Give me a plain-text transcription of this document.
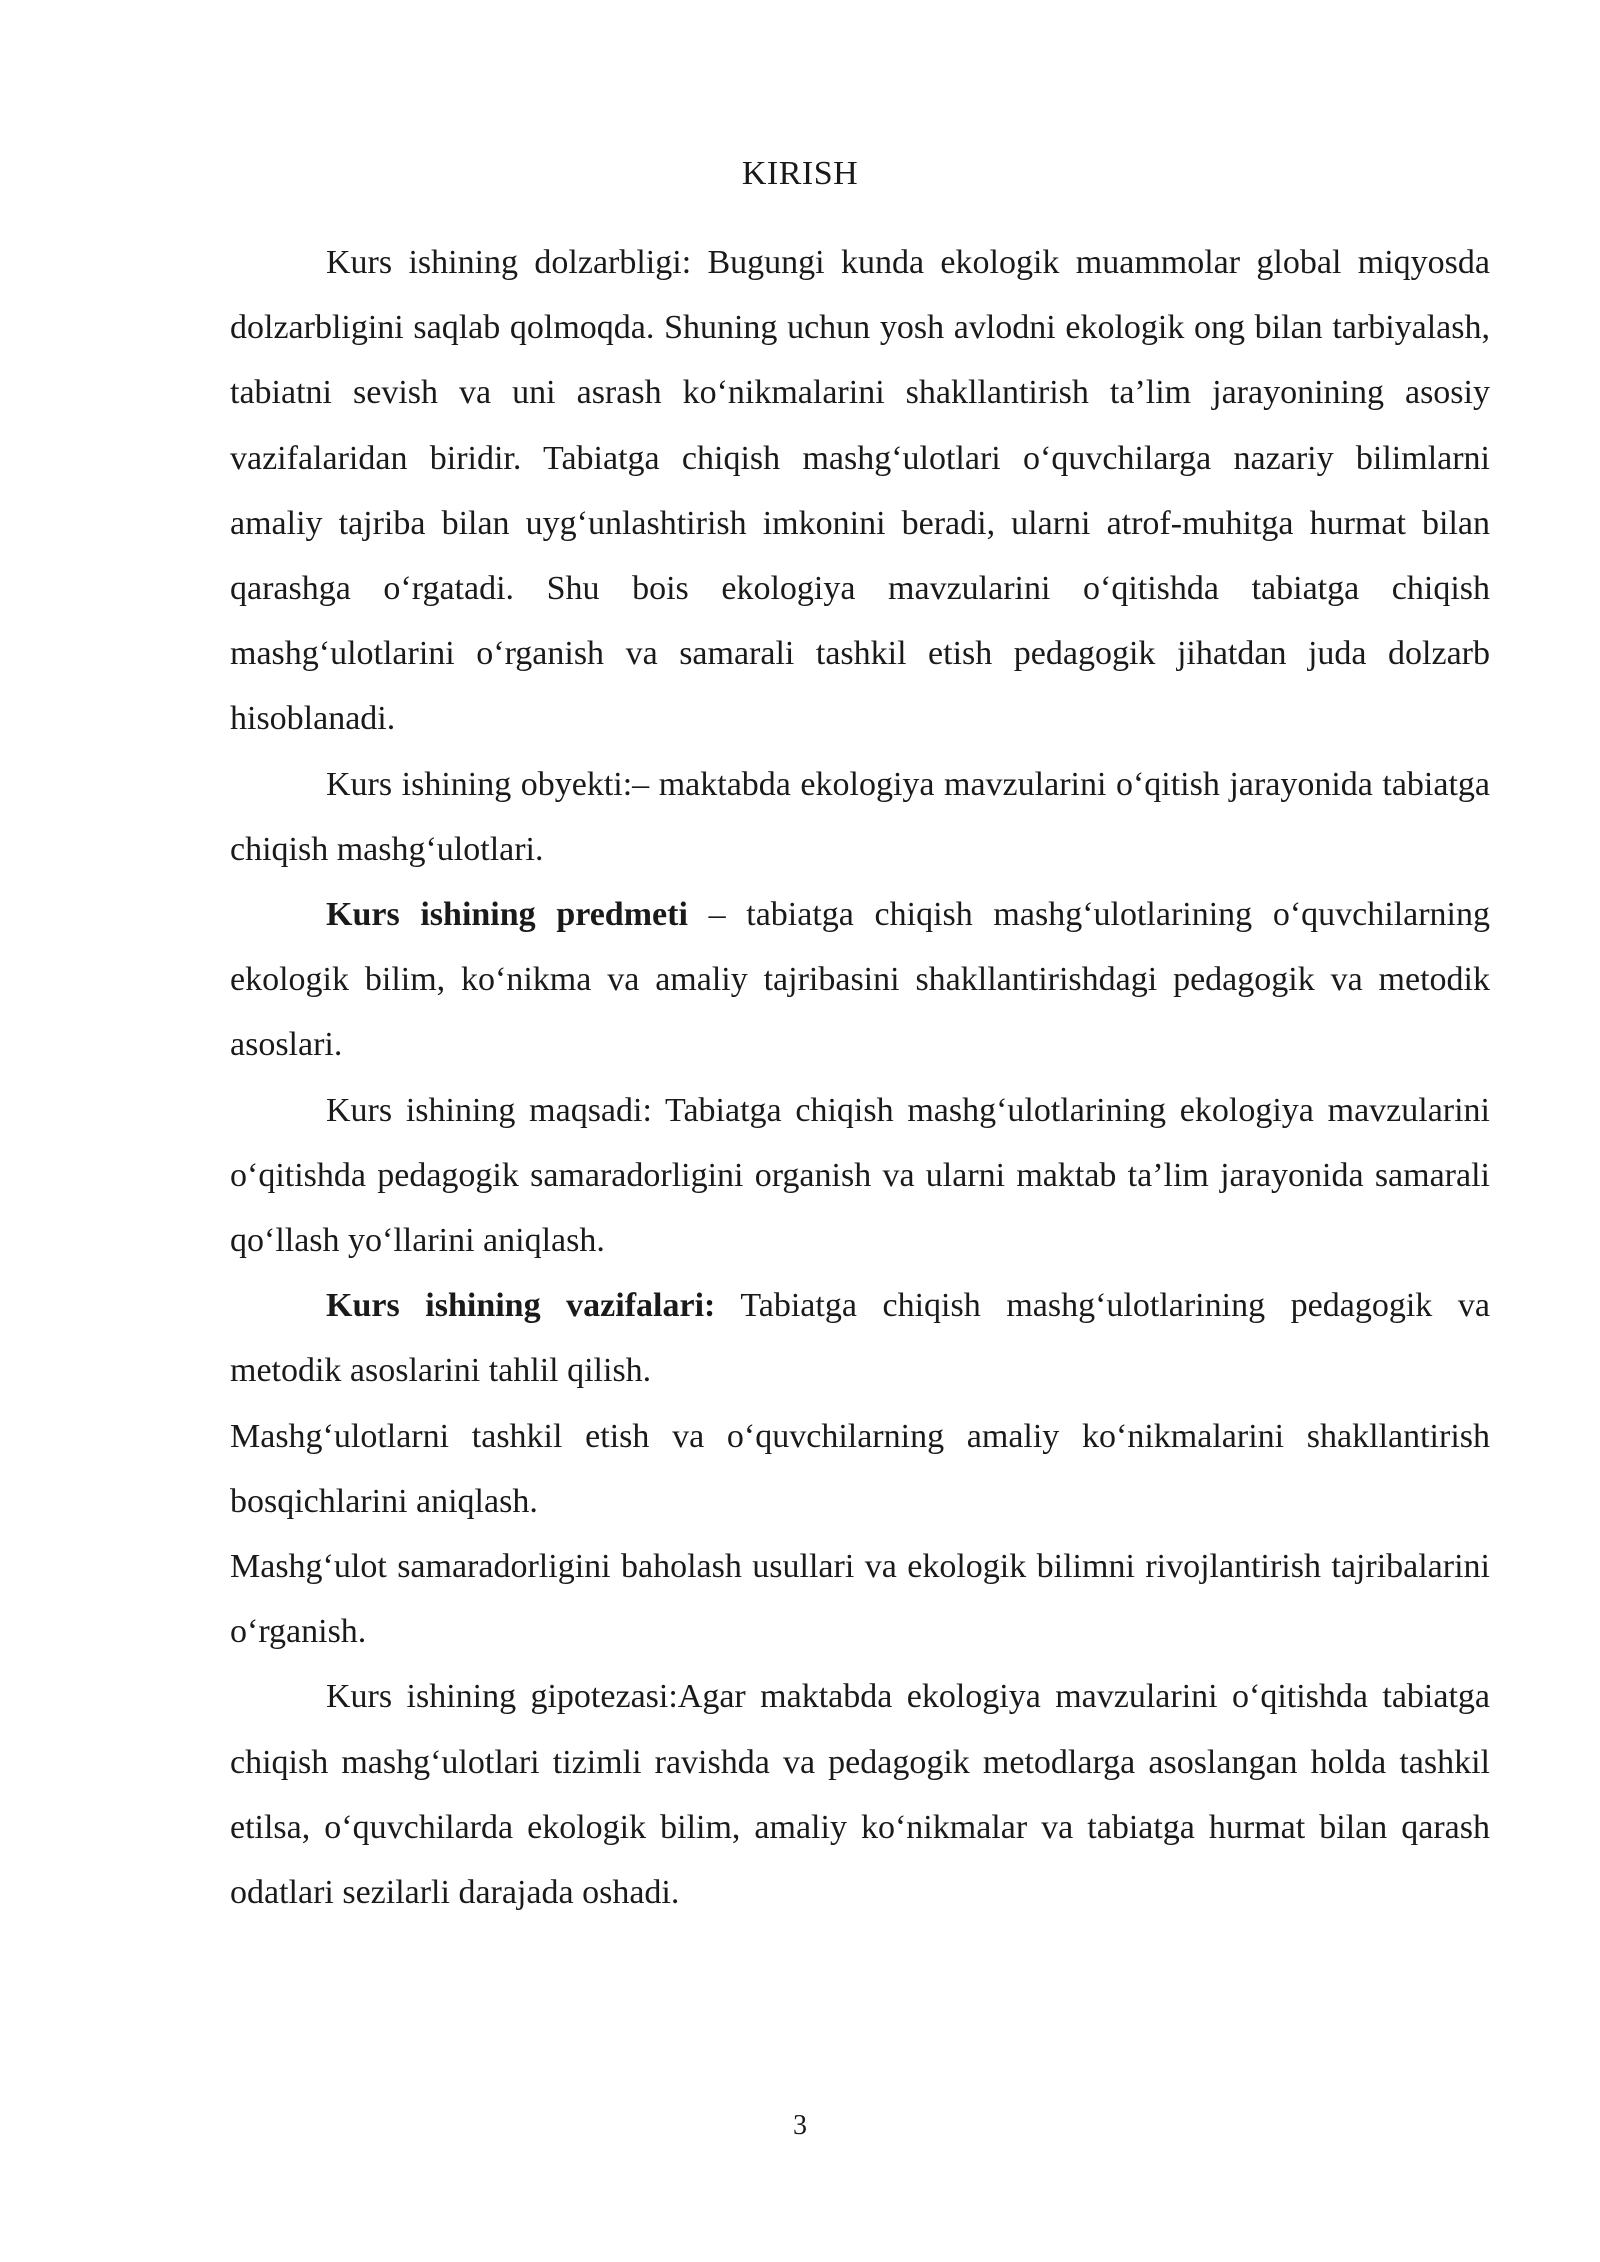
KIRISH

Kurs ishining dolzarbligi: Bugungi kunda ekologik muammolar global miqyosda dolzarbligini saqlab qolmoqda. Shuning uchun yosh avlodni ekologik ong bilan tarbiyalash, tabiatni sevish va uni asrash ko‘nikmalarini shakllantirish ta’lim jarayonining asosiy vazifalaridan biridir. Tabiatga chiqish mashg‘ulotlari o‘quvchilarga nazariy bilimlarni amaliy tajriba bilan uyg‘unlashtirish imkonini beradi, ularni atrof-muhitga hurmat bilan qarashga o‘rgatadi. Shu bois ekologiya mavzularini o‘qitishda tabiatga chiqish mashg‘ulotlarini o‘rganish va samarali tashkil etish pedagogik jihatdan juda dolzarb hisoblanadi.

Kurs ishining obyekti:– maktabda ekologiya mavzularini o‘qitish jarayonida tabiatga chiqish mashg‘ulotlari.

Kurs ishining predmeti – tabiatga chiqish mashg‘ulotlarining o‘quvchilarning ekologik bilim, ko‘nikma va amaliy tajribasini shakllantirishdagi pedagogik va metodik asoslari.

Kurs ishining maqsadi: Tabiatga chiqish mashg‘ulotlarining ekologiya mavzularini o‘qitishda pedagogik samaradorligini organish va ularni maktab ta’lim jarayonida samarali qo‘llash yo‘llarini aniqlash.

Kurs ishining vazifalari: Tabiatga chiqish mashg‘ulotlarining pedagogik va metodik asoslarini tahlil qilish.

Mashg‘ulotlarni tashkil etish va o‘quvchilarning amaliy ko‘nikmalarini shakllantirish bosqichlarini aniqlash.

Mashg‘ulot samaradorligini baholash usullari va ekologik bilimni rivojlantirish tajribalarini o‘rganish.

Kurs ishining gipotezasi:Agar maktabda ekologiya mavzularini o‘qitishda tabiatga chiqish mashg‘ulotlari tizimli ravishda va pedagogik metodlarga asoslangan holda tashkil etilsa, o‘quvchilarda ekologik bilim, amaliy ko‘nikmalar va tabiatga hurmat bilan qarash odatlari sezilarli darajada oshadi.

3
